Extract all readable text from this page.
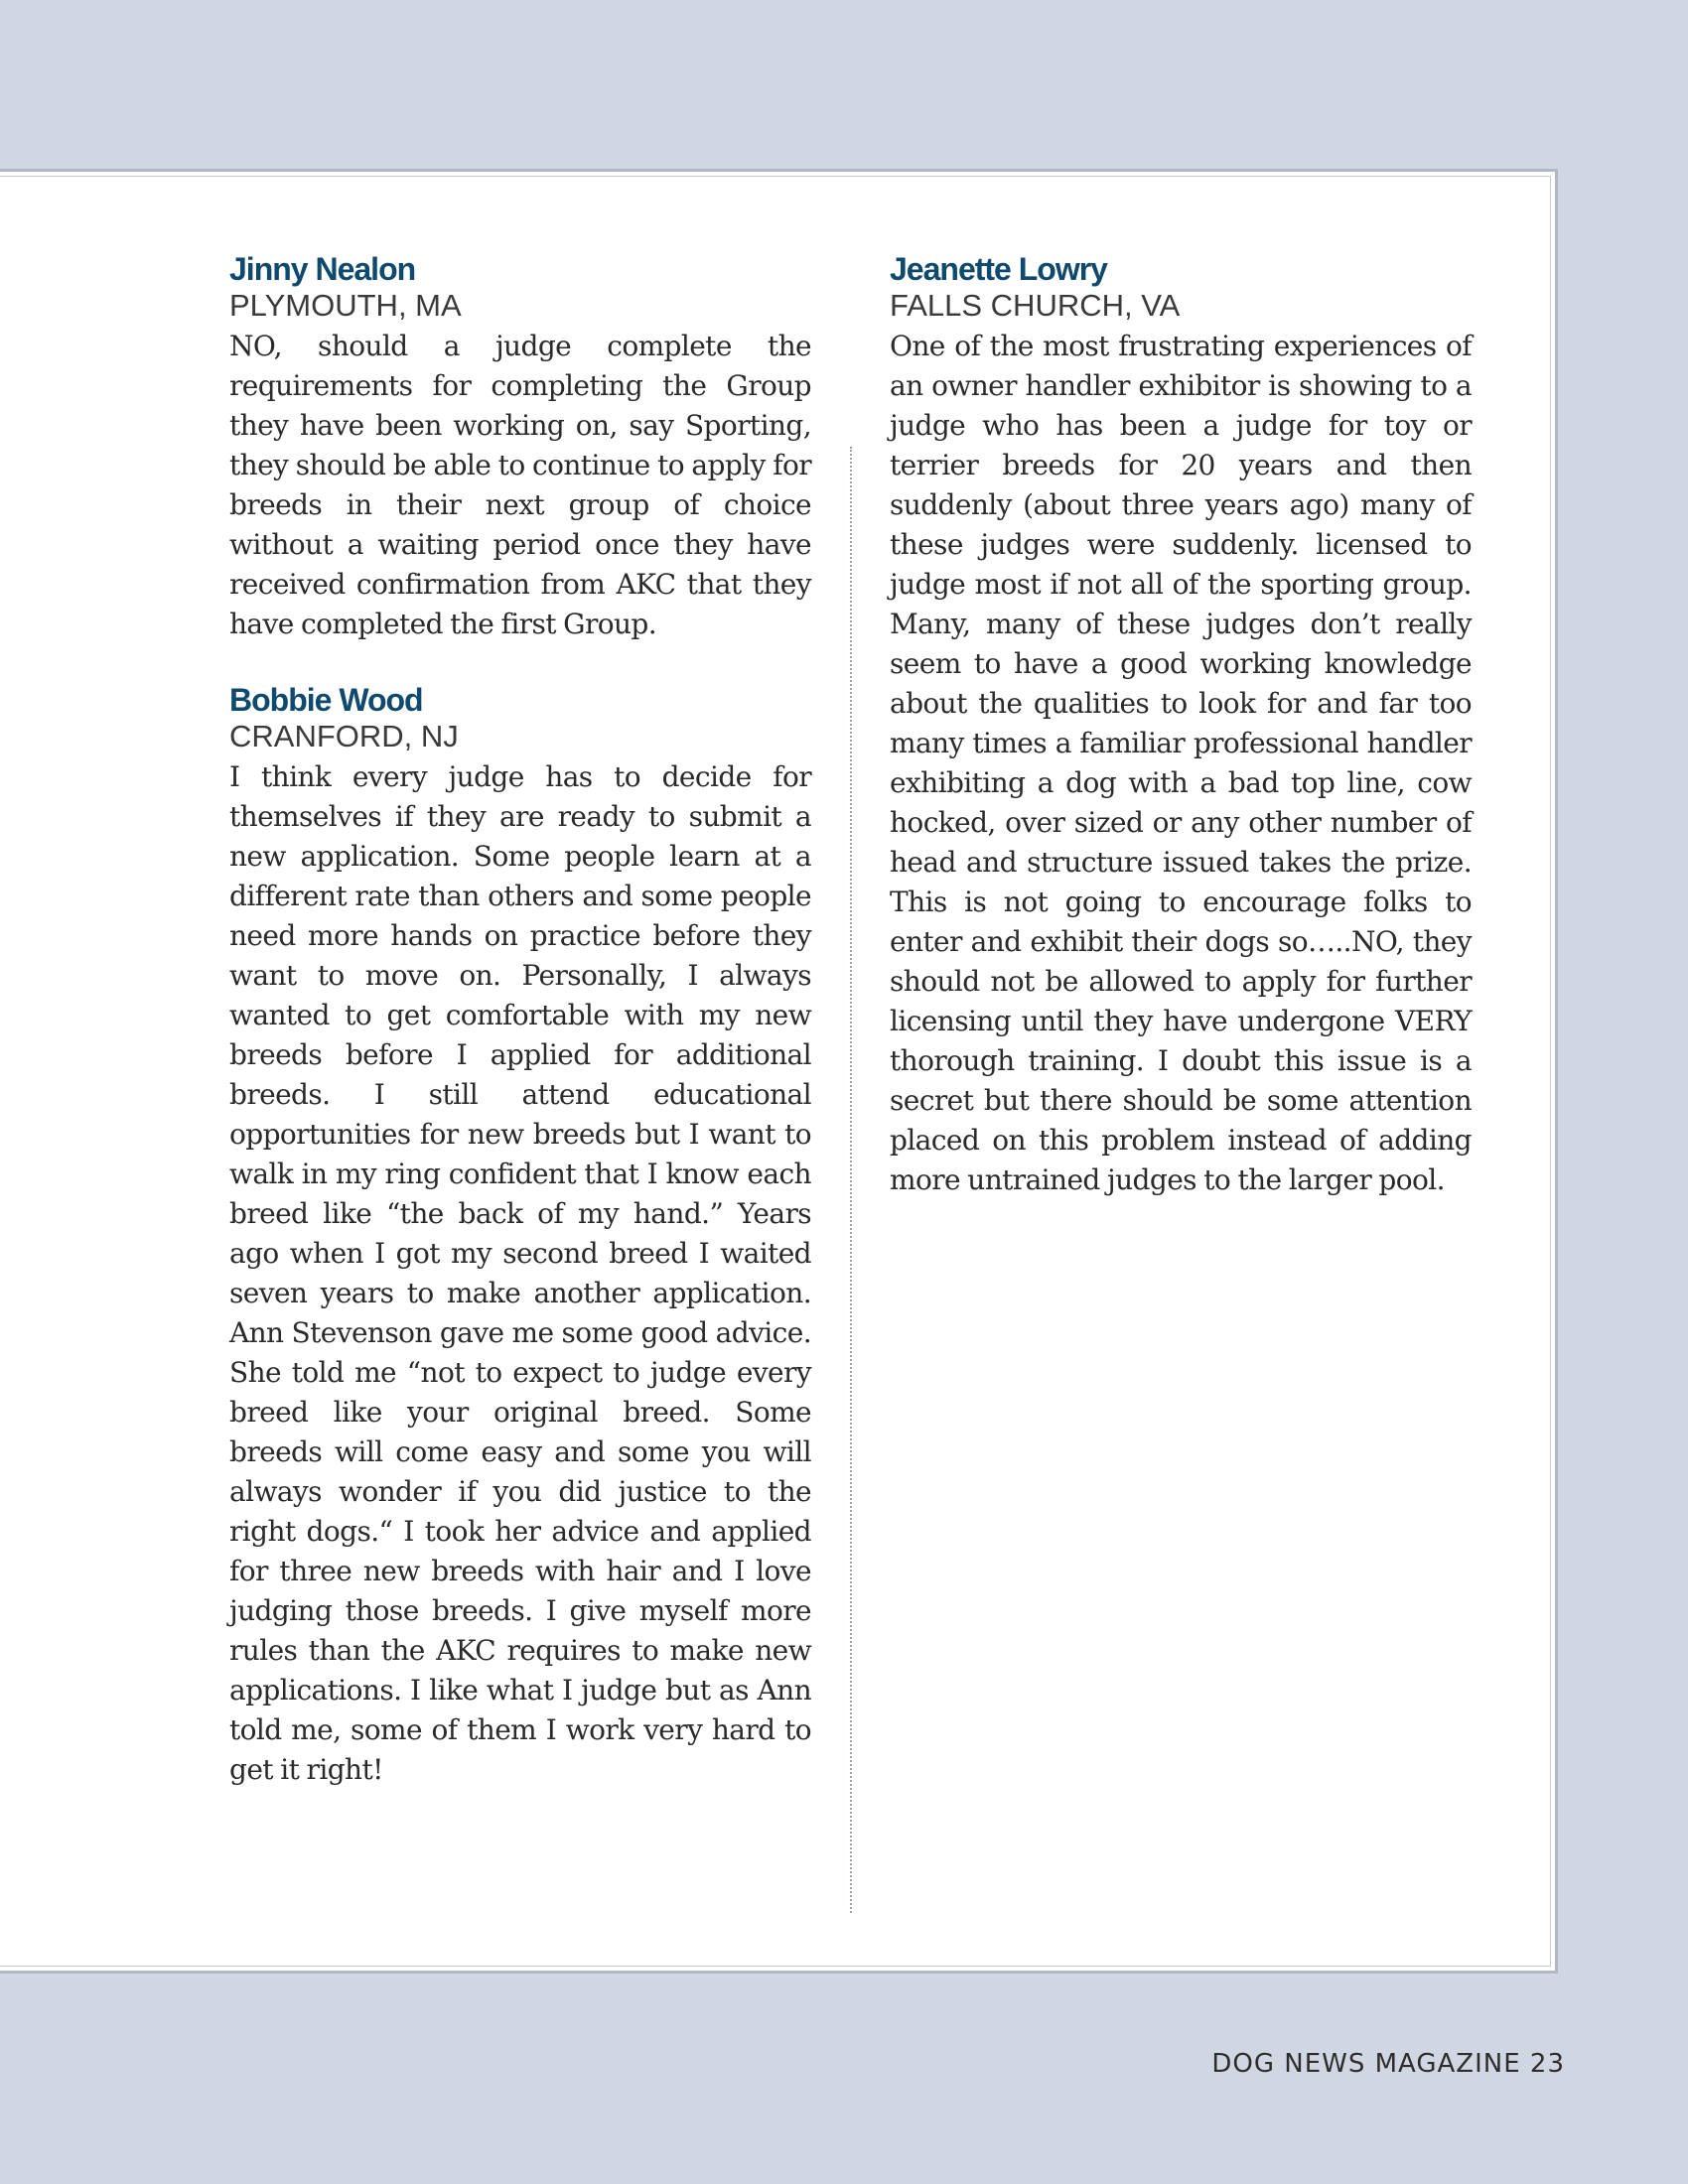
Jinny Nealon
PLYMOUTH, MA

NO, should a judge complete the requirements for completing the Group they have been working on, say Sporting, they should be able to continue to apply for breeds in their next group of choice without a waiting period once they have received confirmation from AKC that they have completed the first Group.

Bobbie Wood
CRANFORD, NJ

I think every judge has to decide for themselves if they are ready to submit a new application. Some people learn at a different rate than others and some people need more hands on practice before they want to move on. Personally, I always wanted to get comfortable with my new breeds before I applied for additional breeds. I still attend educational opportunities for new breeds but I want to walk in my ring confident that I know each breed like “the back of my hand.” Years ago when I got my second breed I waited seven years to make another application. Ann Stevenson gave me some good advice. She told me “not to expect to judge every breed like your original breed. Some breeds will come easy and some you will always wonder if you did justice to the right dogs.“ I took her advice and applied for three new breeds with hair and I love judging those breeds. I give myself more rules than the AKC requires to make new applications. I like what I judge but as Ann told me, some of them I work very hard to get it right!

Jeanette Lowry
FALLS CHURCH, VA

One of the most frustrating experiences of an owner handler exhibitor is showing to a judge who has been a judge for toy or terrier breeds for 20 years and then suddenly (about three years ago) many of these judges were suddenly. licensed to judge most if not all of the sporting group. Many, many of these judges don’t really seem to have a good working knowledge about the qualities to look for and far too many times a familiar professional handler exhibiting a dog with a bad top line, cow hocked, over sized or any other number of head and structure issued takes the prize. This is not going to encourage folks to enter and exhibit their dogs so…..NO, they should not be allowed to apply for further licensing until they have undergone VERY thorough training. I doubt this issue is a secret but there should be some attention placed on this problem instead of adding more untrained judges to the larger pool.

DOG NEWS MAGAZINE 23
